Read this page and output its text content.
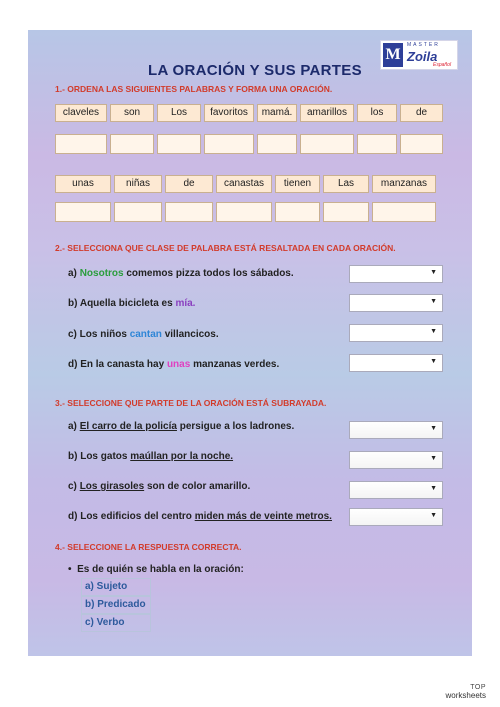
M
MASTER
Zoila
Español
LA ORACIÓN Y SUS PARTES
1.- ORDENA LAS SIGUIENTES PALABRAS Y FORMA UNA ORACIÓN.
claveles	son	Los	favoritos	mamá.	amarillos	los	de
unas	niñas	de	canastas	tienen	Las	manzanas
2.- SELECCIONA QUE CLASE DE PALABRA ESTÁ RESALTADA EN CADA ORACIÓN.
a) Nosotros comemos pizza todos los sábados.	▼
b) Aquella bicicleta es mía.	▼
c) Los niños cantan villancicos.	▼
d) En la canasta hay unas manzanas verdes.	▼
3.- SELECCIONE QUE PARTE DE LA ORACIÓN ESTÁ SUBRAYADA.
a) El carro de la policía persigue a los ladrones.	▼
b) Los gatos maúllan por la noche.	▼
c) Los girasoles son de color amarillo.	▼
d) Los edificios del centro miden más de veinte metros.	▼
4.- SELECCIONE LA RESPUESTA CORRECTA.
• Es de quién se habla en la oración:
a) Sujeto
b) Predicado
c) Verbo
TOP
worksheets
